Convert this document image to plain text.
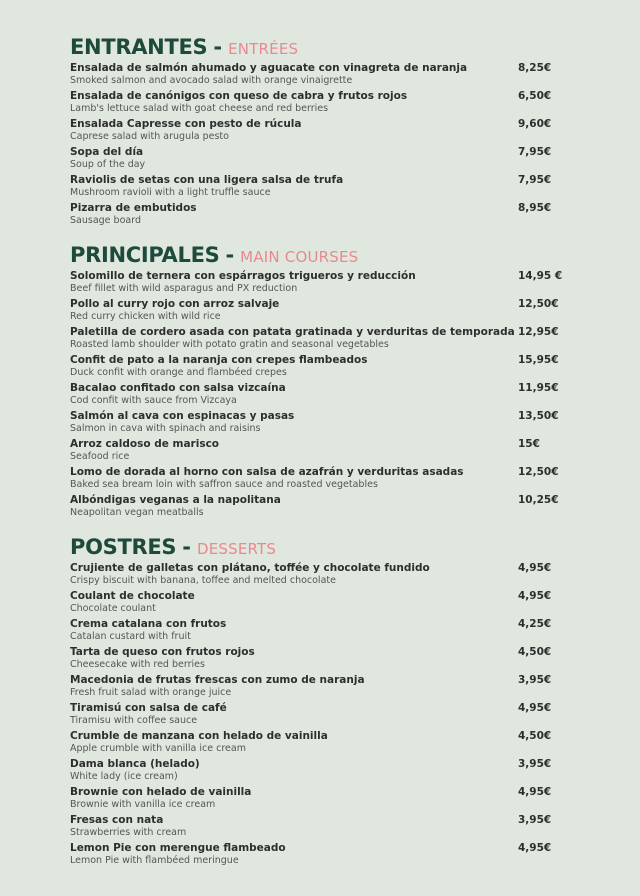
ENTRANTES - ENTRÉES
Ensalada de salmón ahumado y aguacate con vinagreta de naranja
Smoked salmon and avocado salad with orange vinaigrette
8,25€
Ensalada de canónigos con queso de cabra y frutos rojos
Lamb's lettuce salad with goat cheese and red berries
6,50€
Ensalada Capresse con pesto de rúcula
Caprese salad with arugula pesto
9,60€
Sopa del día
Soup of the day
7,95€
Raviolis de setas con una ligera salsa de trufa
Mushroom ravioli with a light truffle sauce
7,95€
Pizarra de embutidos
Sausage board
8,95€
PRINCIPALES - MAIN COURSES
Solomillo de ternera con espárragos trigueros y reducción
Beef fillet with wild asparagus and PX reduction
14,95 €
Pollo al curry rojo con arroz salvaje
Red curry chicken with wild rice
12,50€
Paletilla de cordero asada con patata gratinada y verduritas de temporada
Roasted lamb shoulder with potato gratin and seasonal vegetables
12,95€
Confit de pato a la naranja con crepes flambeados
Duck confit with orange and flambéed crepes
15,95€
Bacalao confitado con salsa vizcaína
Cod confit with sauce from Vizcaya
11,95€
Salmón al cava con espinacas y pasas
Salmon in cava with spinach and raisins
13,50€
Arroz caldoso de marisco
Seafood rice
15€
Lomo de dorada al horno con salsa de azafrán y verduritas asadas
Baked sea bream loin with saffron sauce and roasted vegetables
12,50€
Albóndigas veganas a la napolitana
Neapolitan vegan meatballs
10,25€
POSTRES - DESSERTS
Crujiente de galletas con plátano, toffée y chocolate fundido
Crispy biscuit with banana, toffee and melted chocolate
4,95€
Coulant de chocolate
Chocolate coulant
4,95€
Crema catalana con frutos
Catalan custard with fruit
4,25€
Tarta de queso con frutos rojos
Cheesecake with red berries
4,50€
Macedonia de frutas frescas con zumo de naranja
Fresh fruit salad with orange juice
3,95€
Tiramisú con salsa de café
Tiramisu with coffee sauce
4,95€
Crumble de manzana con helado de vainilla
Apple crumble with vanilla ice cream
4,50€
Dama blanca (helado)
White lady (ice cream)
3,95€
Brownie con helado de vainilla
Brownie with vanilla ice cream
4,95€
Fresas con nata
Strawberries with cream
3,95€
Lemon Pie con merengue flambeado
Lemon Pie with flambéed meringue
4,95€
